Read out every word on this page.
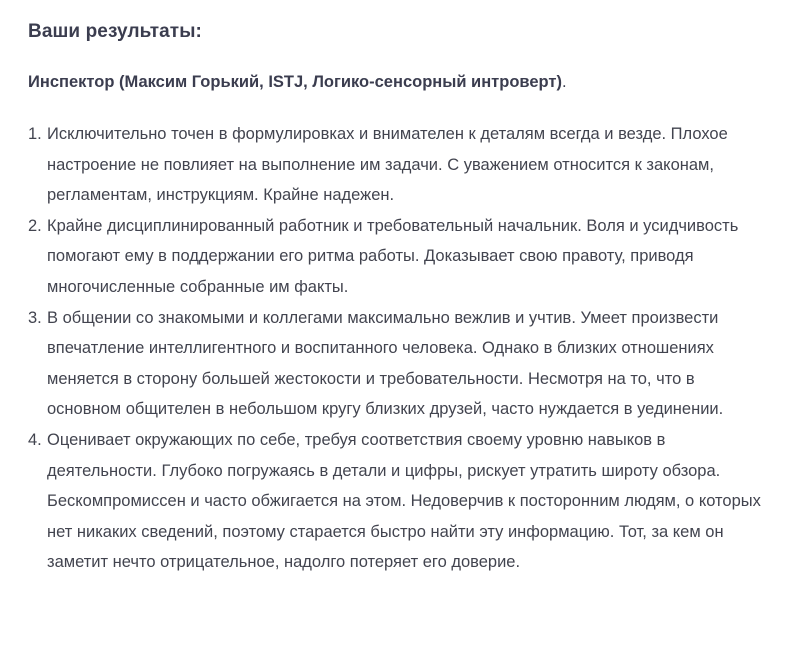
Ваши результаты:

Инспектор (Максим Горький, ISTJ, Логико-сенсорный интроверт).

1. Исключительно точен в формулировках и внимателен к деталям всегда и везде. Плохое настроение не повлияет на выполнение им задачи. С уважением относится к законам, регламентам, инструкциям. Крайне надежен.
2. Крайне дисциплинированный работник и требовательный начальник. Воля и усидчивость помогают ему в поддержании его ритма работы. Доказывает свою правоту, приводя многочисленные собранные им факты.
3. В общении со знакомыми и коллегами максимально вежлив и учтив. Умеет произвести впечатление интеллигентного и воспитанного человека. Однако в близких отношениях меняется в сторону большей жестокости и требовательности. Несмотря на то, что в основном общителен в небольшом кругу близких друзей, часто нуждается в уединении.
4. Оценивает окружающих по себе, требуя соответствия своему уровню навыков в деятельности. Глубоко погружаясь в детали и цифры, рискует утратить широту обзора. Бескомпромиссен и часто обжигается на этом. Недоверчив к посторонним людям, о которых нет никаких сведений, поэтому старается быстро найти эту информацию. Тот, за кем он заметит нечто отрицательное, надолго потеряет его доверие.
